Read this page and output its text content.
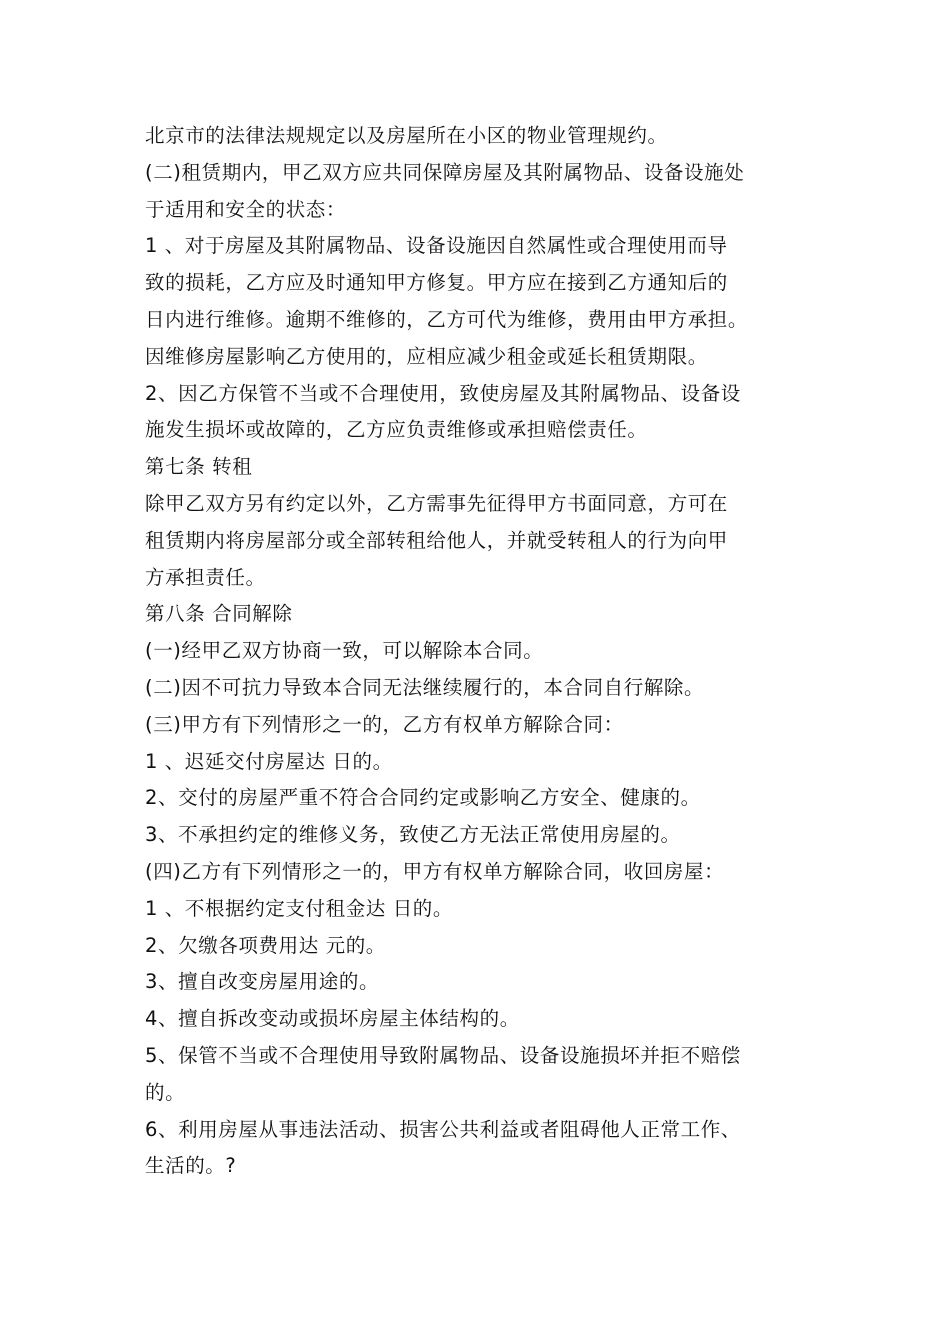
北京市的法律法规规定以及房屋所在小区的物业管理规约。
(二)租赁期内，甲乙双方应共同保障房屋及其附属物品、设备设施处
于适用和安全的状态：
1 、对于房屋及其附属物品、设备设施因自然属性或合理使用而导
致的损耗，乙方应及时通知甲方修复。甲方应在接到乙方通知后的
日内进行维修。逾期不维修的，乙方可代为维修，费用由甲方承担。
因维修房屋影响乙方使用的，应相应减少租金或延长租赁期限。
2、因乙方保管不当或不合理使用，致使房屋及其附属物品、设备设
施发生损坏或故障的，乙方应负责维修或承担赔偿责任。
第七条 转租
除甲乙双方另有约定以外，乙方需事先征得甲方书面同意，方可在
租赁期内将房屋部分或全部转租给他人，并就受转租人的行为向甲
方承担责任。
第八条 合同解除
(一)经甲乙双方协商一致，可以解除本合同。
(二)因不可抗力导致本合同无法继续履行的，本合同自行解除。
(三)甲方有下列情形之一的，乙方有权单方解除合同：
1 、迟延交付房屋达 日的。
2、交付的房屋严重不符合合同约定或影响乙方安全、健康的。
3、不承担约定的维修义务，致使乙方无法正常使用房屋的。
(四)乙方有下列情形之一的，甲方有权单方解除合同，收回房屋：
1 、不根据约定支付租金达 日的。
2、欠缴各项费用达 元的。
3、擅自改变房屋用途的。
4、擅自拆改变动或损坏房屋主体结构的。
5、保管不当或不合理使用导致附属物品、设备设施损坏并拒不赔偿
的。
6、利用房屋从事违法活动、损害公共利益或者阻碍他人正常工作、
生活的。?
